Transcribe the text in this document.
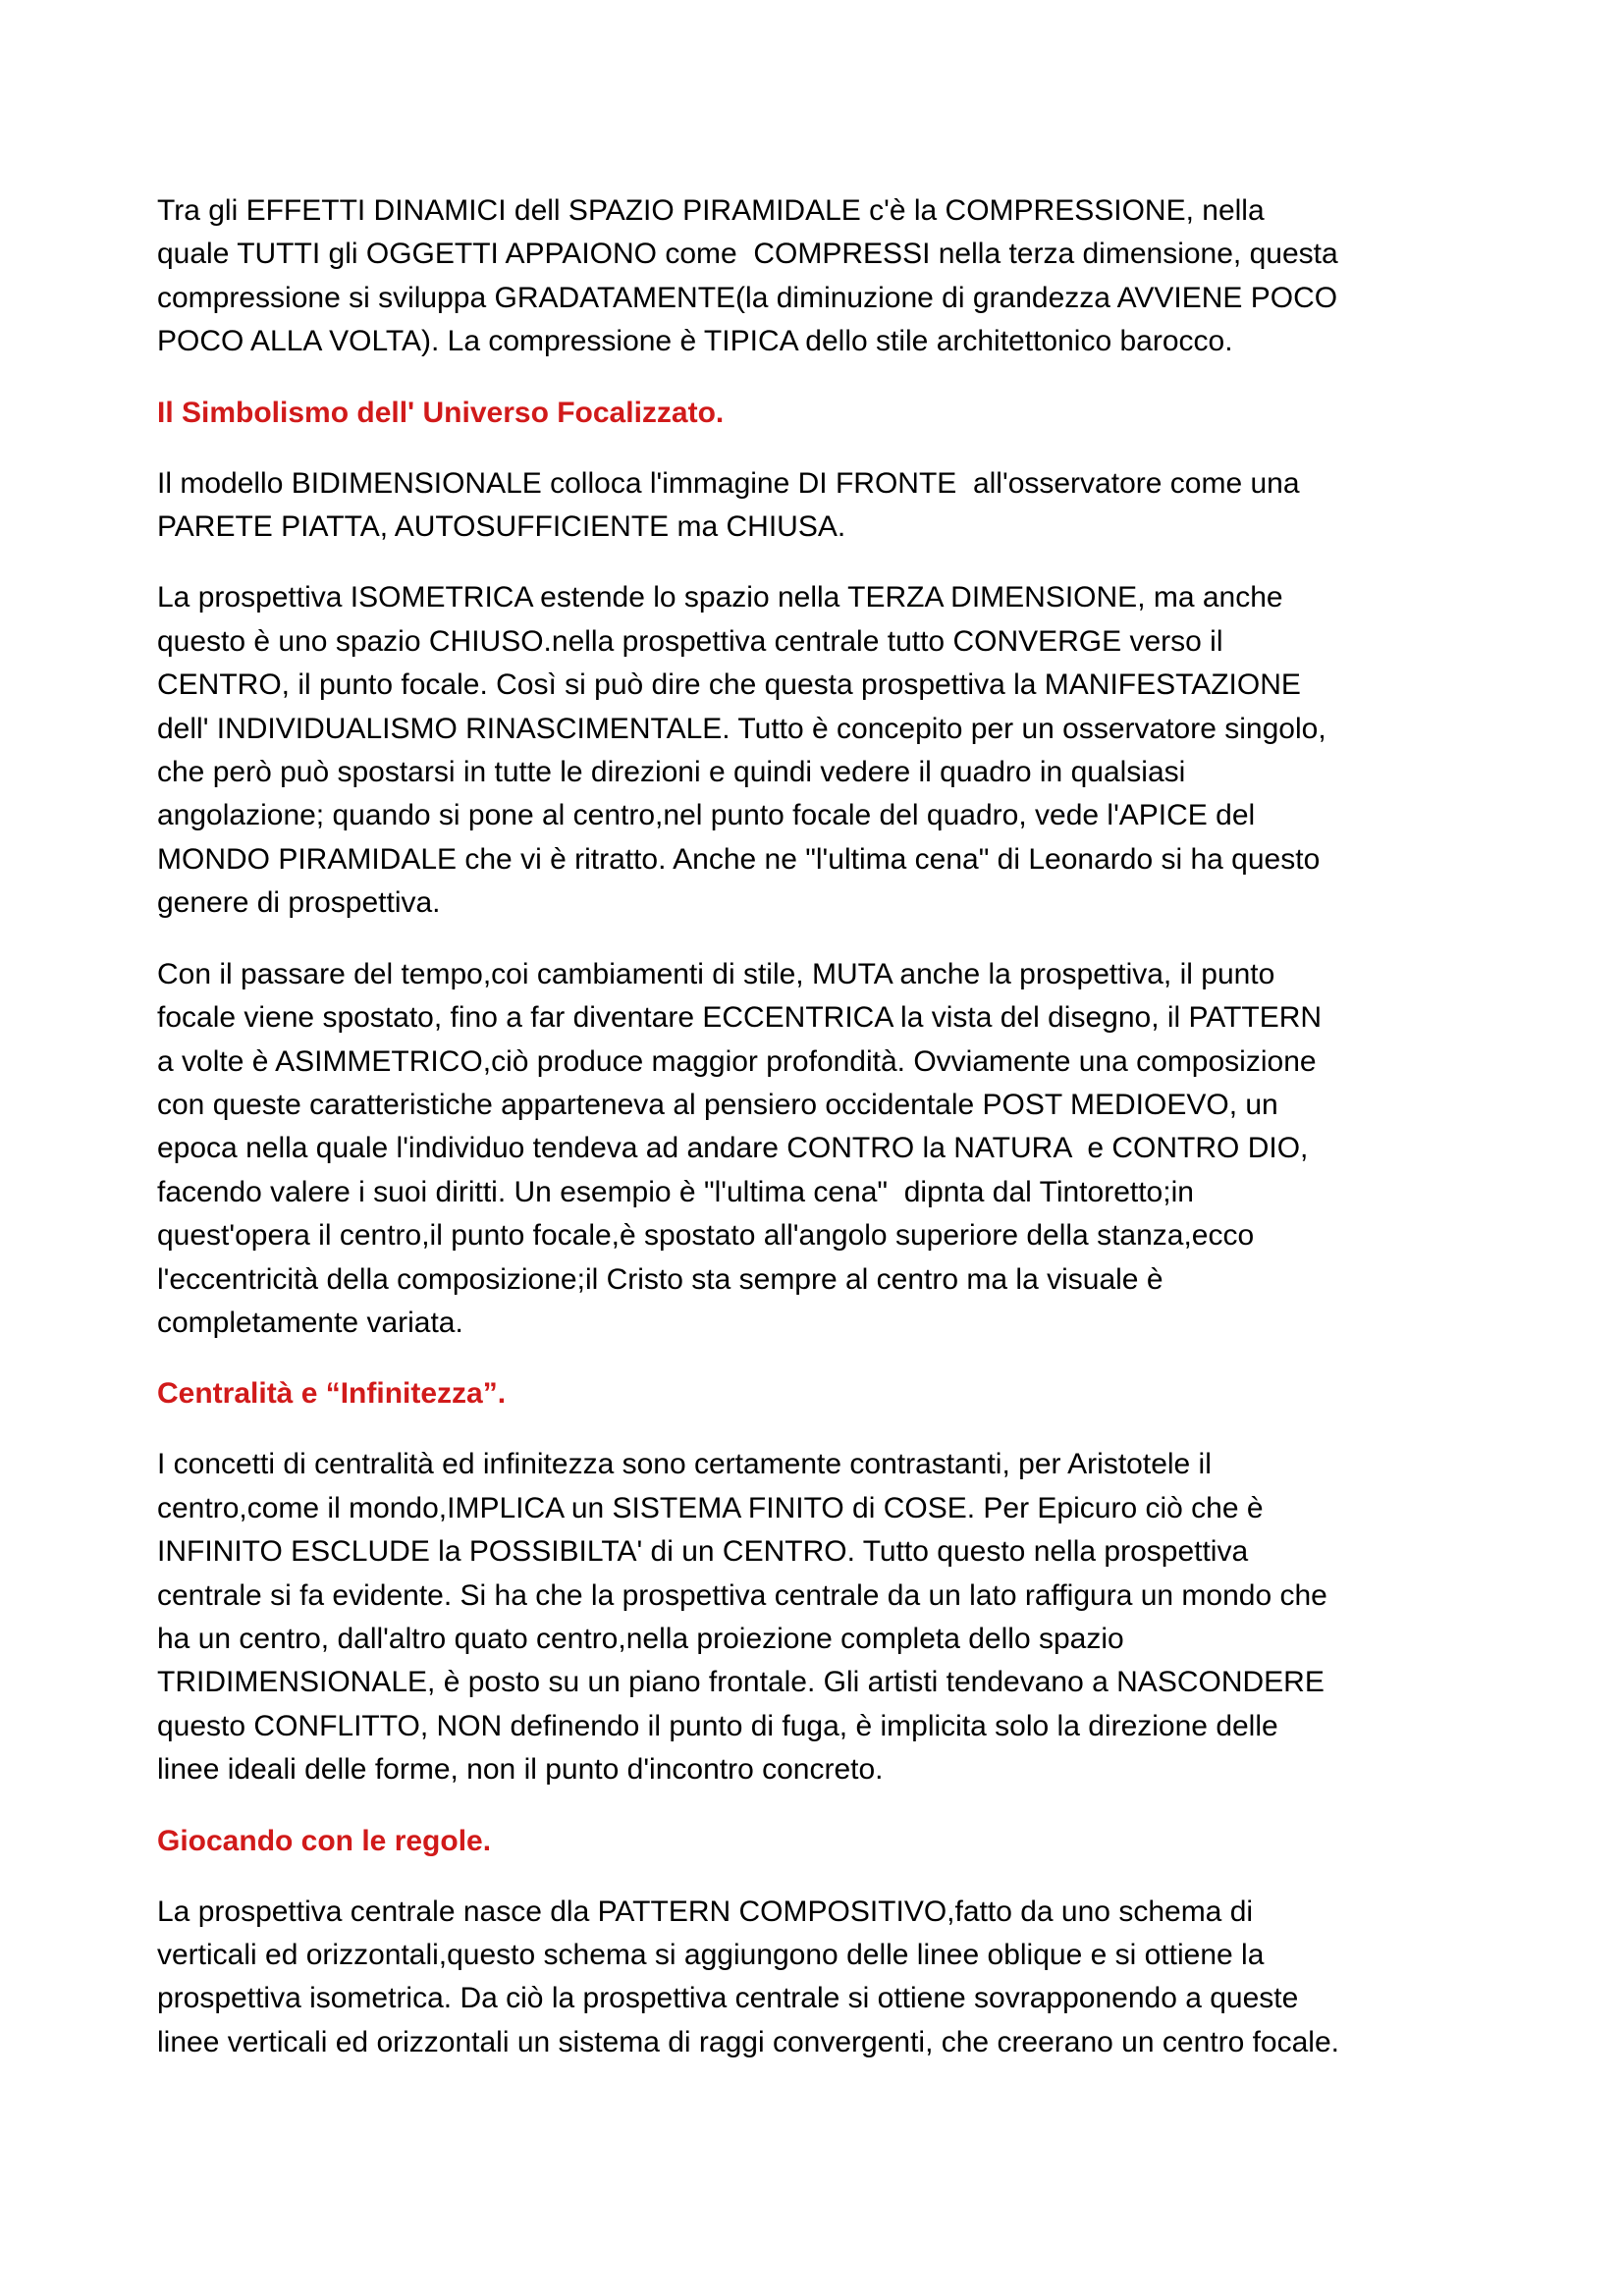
Tra gli EFFETTI DINAMICI dell SPAZIO PIRAMIDALE c'è la COMPRESSIONE, nella
quale TUTTI gli OGGETTI APPAIONO come  COMPRESSI nella terza dimensione, questa
compressione si sviluppa GRADATAMENTE(la diminuzione di grandezza AVVIENE POCO
POCO ALLA VOLTA). La compressione è TIPICA dello stile architettonico barocco.
Il Simbolismo dell' Universo Focalizzato.
Il modello BIDIMENSIONALE colloca l'immagine DI FRONTE  all'osservatore come una
PARETE PIATTA, AUTOSUFFICIENTE ma CHIUSA.
La prospettiva ISOMETRICA estende lo spazio nella TERZA DIMENSIONE, ma anche
questo è uno spazio CHIUSO.nella prospettiva centrale tutto CONVERGE verso il
CENTRO, il punto focale. Così si può dire che questa prospettiva la MANIFESTAZIONE
dell' INDIVIDUALISMO RINASCIMENTALE. Tutto è concepito per un osservatore singolo,
che però può spostarsi in tutte le direzioni e quindi vedere il quadro in qualsiasi
angolazione; quando si pone al centro,nel punto focale del quadro, vede l'APICE del
MONDO PIRAMIDALE che vi è ritratto. Anche ne "l'ultima cena" di Leonardo si ha questo
genere di prospettiva.
Con il passare del tempo,coi cambiamenti di stile, MUTA anche la prospettiva, il punto
focale viene spostato, fino a far diventare ECCENTRICA la vista del disegno, il PATTERN
a volte è ASIMMETRICO,ciò produce maggior profondità. Ovviamente una composizione
con queste caratteristiche apparteneva al pensiero occidentale POST MEDIOEVO, un
epoca nella quale l'individuo tendeva ad andare CONTRO la NATURA  e CONTRO DIO,
facendo valere i suoi diritti. Un esempio è "l'ultima cena"  dipnta dal Tintoretto;in
quest'opera il centro,il punto focale,è spostato all'angolo superiore della stanza,ecco
l'eccentricità della composizione;il Cristo sta sempre al centro ma la visuale è
completamente variata.
Centralità e “Infinitezza”.
I concetti di centralità ed infinitezza sono certamente contrastanti, per Aristotele il
centro,come il mondo,IMPLICA un SISTEMA FINITO di COSE. Per Epicuro ciò che è
INFINITO ESCLUDE la POSSIBILTA' di un CENTRO. Tutto questo nella prospettiva
centrale si fa evidente. Si ha che la prospettiva centrale da un lato raffigura un mondo che
ha un centro, dall'altro quato centro,nella proiezione completa dello spazio
TRIDIMENSIONALE, è posto su un piano frontale. Gli artisti tendevano a NASCONDERE
questo CONFLITTO, NON definendo il punto di fuga, è implicita solo la direzione delle
linee ideali delle forme, non il punto d'incontro concreto.
Giocando con le regole.
La prospettiva centrale nasce dla PATTERN COMPOSITIVO,fatto da uno schema di
verticali ed orizzontali,questo schema si aggiungono delle linee oblique e si ottiene la
prospettiva isometrica. Da ciò la prospettiva centrale si ottiene sovrapponendo a queste
linee verticali ed orizzontali un sistema di raggi convergenti, che creerano un centro focale.
